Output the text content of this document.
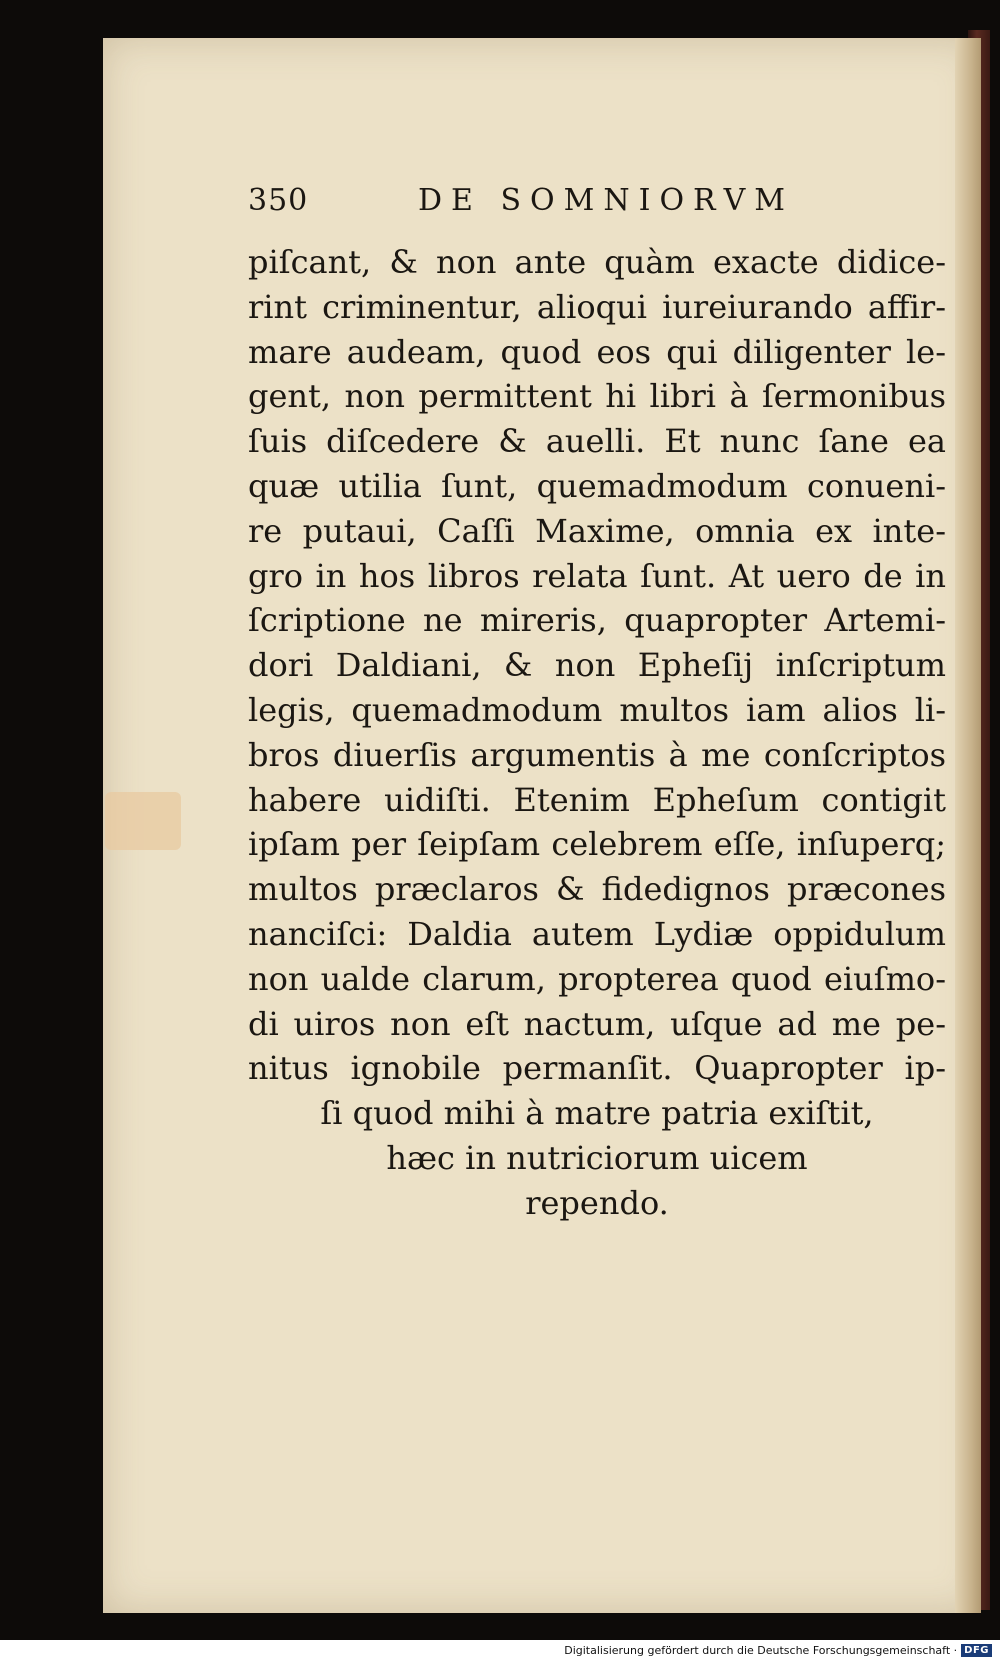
350	DE SOMNIORVM
piſcant, & non ante quàm exacte didice-
rint criminentur, alioqui iureiurando affir-
mare audeam, quod eos qui diligenter le-
gent, non permittent hi libri à ſermonibus
ſuis diſcedere & auelli. Et nunc ſane ea
quæ utilia ſunt, quemadmodum conueni-
re putaui, Caſſi Maxime, omnia ex inte-
gro in hos libros relata ſunt. At uero de in
ſcriptione ne mireris, quapropter Artemi-
dori Daldiani, & non Epheſij inſcriptum
legis, quemadmodum multos iam alios li-
bros diuerſis argumentis à me conſcriptos
habere uidiſti. Etenim Epheſum contigit
ipſam per ſeipſam celebrem eſſe, inſuperq;
multos præclaros & fidedignos præcones
nanciſci: Daldia autem Lydiæ oppidulum
non ualde clarum, propterea quod eiuſmo-
di uiros non eſt nactum, uſque ad me pe-
nitus ignobile permanſit. Quapropter ip-
ſi quod mihi à matre patria exiſtit,
hæc in nutriciorum uicem
rependo.
Digitalisierung gefördert durch die Deutsche Forschungsgemeinschaft · DFG
